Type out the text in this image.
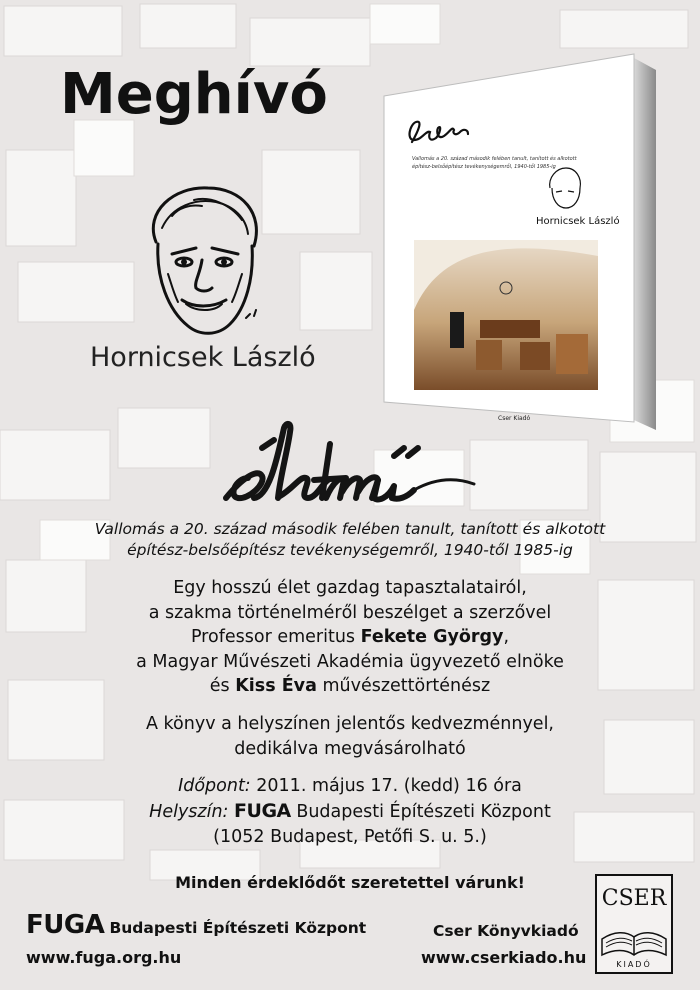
Meghívó
Hornicsek László
Vallomás a 20. század második felében tanult, tanított és alkotott
építész-belsőépítész tevékenységemről, 1940-től 1985-ig
Hornicsek László
Cser Kiadó
Vallomás a 20. század második felében tanult, tanított és alkotott
építész-belsőépítész tevékenységemről, 1940-től 1985-ig
Egy hosszú élet gazdag tapasztalatairól,
a szakma történelméről beszélget a szerzővel
Professor emeritus Fekete György,
a Magyar Művészeti Akadémia ügyvezető elnöke
és Kiss Éva művészettörténész
A könyv a helyszínen jelentős kedvezménnyel,
dedikálva megvásárolható
Időpont: 2011. május 17. (kedd) 16 óra
Helyszín: FUGA Budapesti Építészeti Központ
(1052 Budapest, Petőfi S. u. 5.)
Minden érdeklődőt szeretettel várunk!
FUGA Budapesti Építészeti Központ
www.fuga.org.hu
Cser Könyvkiadó
www.cserkiado.hu
CSER
KIADÓ
